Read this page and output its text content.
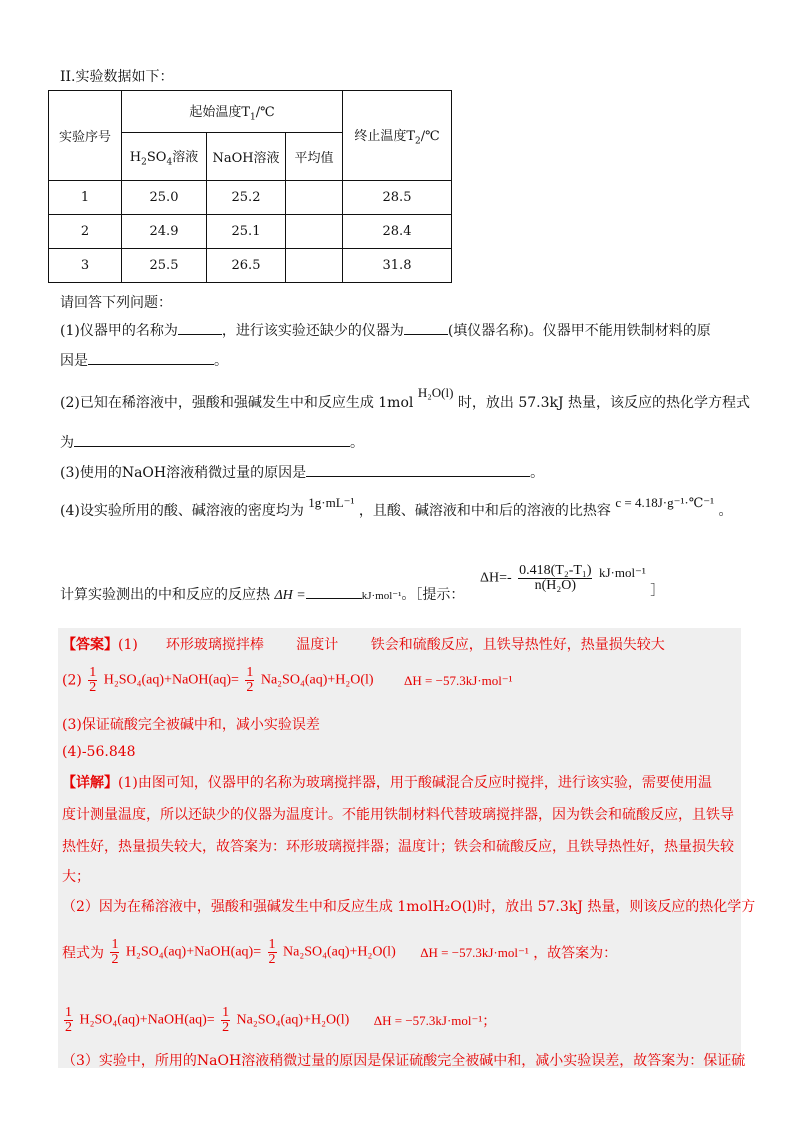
II.实验数据如下：
实验序号	起始温度$T_1/℃$			终止温度$T_2/℃$
	$H_2SO_4$溶液	NaOH溶液	平均值	
1	25.0	25.2		28.5
2	24.9	25.1		28.4
3	25.5	26.5		31.8
请回答下列问题：
(1)仪器甲的名称为	，进行该实验还缺少的仪器为	(填仪器名称)。仪器甲不能用铁制材料的原
因是	。
(2)已知在稀溶液中，强酸和强碱发生中和反应生成 1mol H₂O(l) 时，放出 57.3kJ 热量，该反应的热化学方程式
为	。
(3)使用的NaOH溶液稍微过量的原因是	。
(4)设实验所用的酸、碱溶液的密度均为 1g·mL⁻¹ ，且酸、碱溶液和中和后的溶液的比热容 c = 4.18J·g⁻¹·℃⁻¹ 。
计算实验测出的中和反应的反应热 ΔH =	kJ·mol⁻¹。［提示：
$\Delta H=- \frac{\text{0.418(T₂-T₁)}}{\text{n(H₂O)}} kJ\cdot mol^{-1}$ ］
【答案】(1)　　环形玻璃搅拌棒　　 温度计　　 铁会和硫酸反应，且铁导热性好，热量损失较大
$(2) \frac{1}{2}$ H₂SO₄(aq)+NaOH(aq)= $\frac{1}{2} Na_2SO_4(aq)+H_2O(l) \Delta H = -57.3kJ\cdot mol^{-1}$
(3)保证硫酸完全被碱中和，减小实验误差
(4)-56.848
【详解】(1)由图可知，仪器甲的名称为玻璃搅拌器，用于酸碱混合反应时搅拌，进行该实验，需要使用温
度计测量温度，所以还缺少的仪器为温度计。不能用铁制材料代替玻璃搅拌器，因为铁会和硫酸反应，且铁导
热性好，热量损失较大，故答案为：环形玻璃搅拌器；温度计；铁会和硫酸反应，且铁导热性好，热量损失较
大；
（2）因为在稀溶液中，强酸和强碱发生中和反应生成 1molH₂O(l)时，放出 57.3kJ 热量，则该反应的热化学方
程式为 $\frac{1}{2}$ H₂SO₄(aq)+NaOH(aq)= $\frac{1}{2} Na_2SO_4(aq)+H_2O(l) \Delta H = -57.3kJ\cdot mol^{-1}$ ，故答案为：
$\frac{1}{2}$ H₂SO₄(aq)+NaOH(aq)= $\frac{1}{2} Na_2SO_4(aq)+H_2O(l) \Delta H = -57.3kJ\cdot mol^{-1}$；
（3）实验中，所用的NaOH溶液稍微过量的原因是保证硫酸完全被碱中和，减小实验误差，故答案为：保证硫
